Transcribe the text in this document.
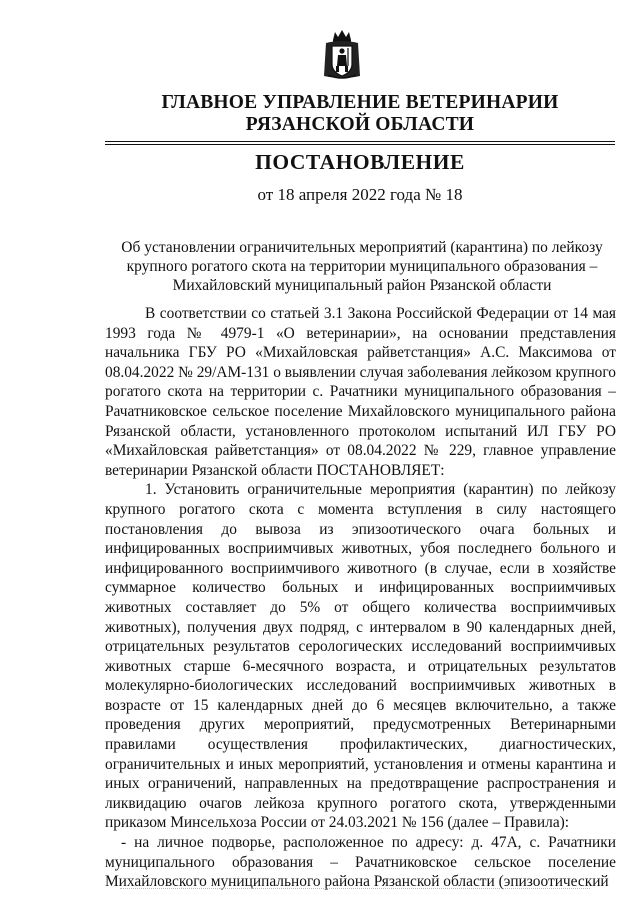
ГЛАВНОЕ УПРАВЛЕНИЕ ВЕТЕРИНАРИИ
РЯЗАНСКОЙ ОБЛАСТИ
ПОСТАНОВЛЕНИЕ
от 18 апреля 2022 года № 18
Об установлении ограничительных мероприятий (карантина) по лейкозу крупного рогатого скота на территории муниципального образования – Михайловский муниципальный район Рязанской области

В соответствии со статьей 3.1 Закона Российской Федерации от 14 мая 1993 года № 4979-1 «О ветеринарии», на основании представления начальника ГБУ РО «Михайловская райветстанция» А.С. Максимова от 08.04.2022 № 29/АМ-131 о выявлении случая заболевания лейкозом крупного рогатого скота на территории с. Рачатники муниципального образования – Рачатниковское сельское поселение Михайловского муниципального района Рязанской области, установленного протоколом испытаний ИЛ ГБУ РО «Михайловская райветстанция» от 08.04.2022 № 229, главное управление ветеринарии Рязанской области ПОСТАНОВЛЯЕТ:

1. Установить ограничительные мероприятия (карантин) по лейкозу крупного рогатого скота с момента вступления в силу настоящего постановления до вывоза из эпизоотического очага больных и инфицированных восприимчивых животных, убоя последнего больного и инфицированного восприимчивого животного (в случае, если в хозяйстве суммарное количество больных и инфицированных восприимчивых животных составляет до 5% от общего количества восприимчивых животных), получения двух подряд, с интервалом в 90 календарных дней, отрицательных результатов серологических исследований восприимчивых животных старше 6-месячного возраста, и отрицательных результатов молекулярно-биологических исследований восприимчивых животных в возрасте от 15 календарных дней до 6 месяцев включительно, а также проведения других мероприятий, предусмотренных Ветеринарными правилами осуществления профилактических, диагностических, ограничительных и иных мероприятий, установления и отмены карантина и иных ограничений, направленных на предотвращение распространения и ликвидацию очагов лейкоза крупного рогатого скота, утвержденными приказом Минсельхоза России от 24.03.2021 № 156 (далее – Правила):

- на личное подворье, расположенное по адресу: д. 47А, с. Рачатники муниципального образования – Рачатниковское сельское поселение Михайловского муниципального района Рязанской области (эпизоотический
